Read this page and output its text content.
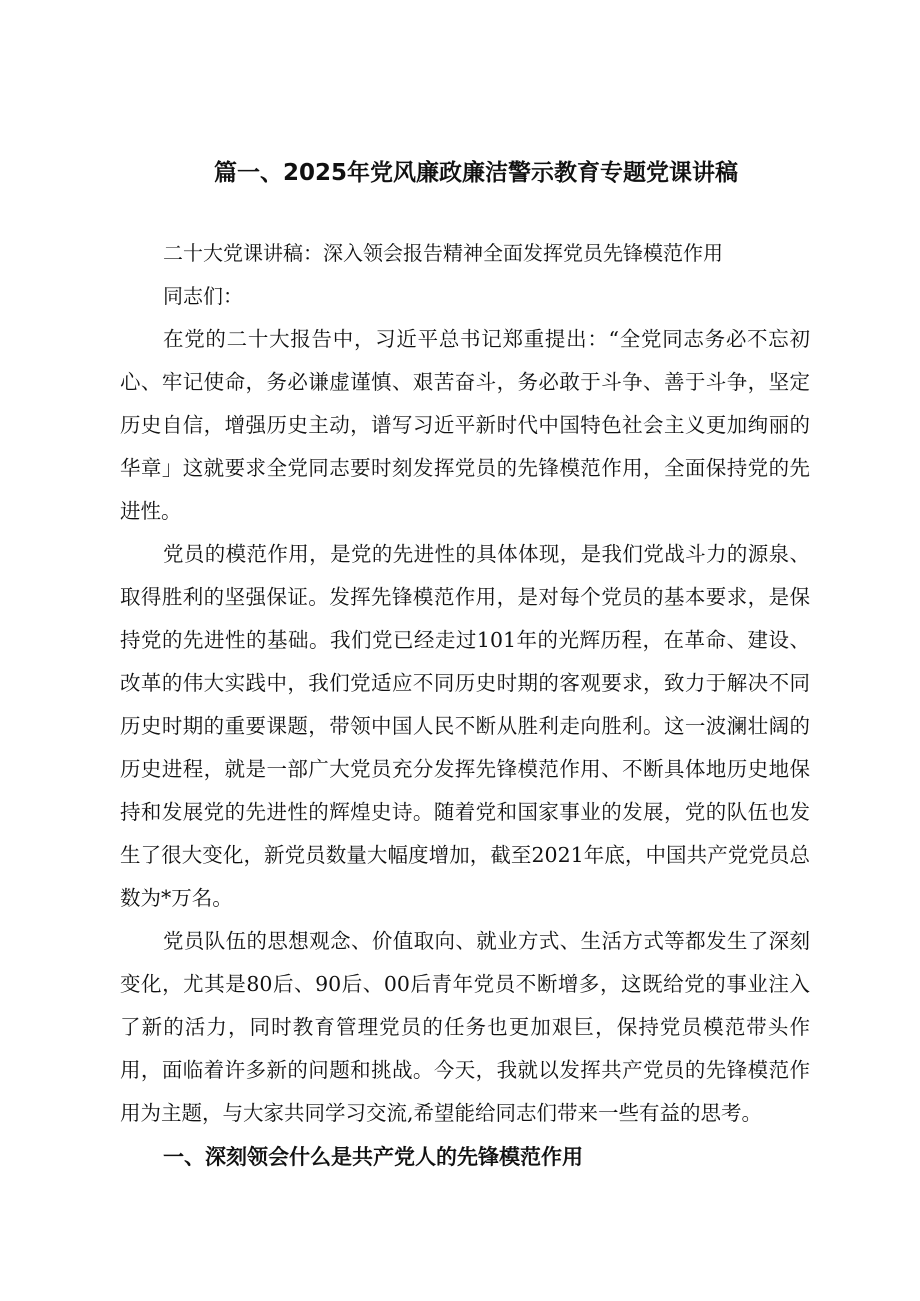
篇一、2025年党风廉政廉洁警示教育专题党课讲稿

二十大党课讲稿：深入领会报告精神全面发挥党员先锋模范作用

同志们：

在党的二十大报告中，习近平总书记郑重提出：“全党同志务必不忘初心、牢记使命，务必谦虚谨慎、艰苦奋斗，务必敢于斗争、善于斗争，坚定历史自信，增强历史主动，谱写习近平新时代中国特色社会主义更加绚丽的华章」这就要求全党同志要时刻发挥党员的先锋模范作用，全面保持党的先进性。

党员的模范作用，是党的先进性的具体体现，是我们党战斗力的源泉、取得胜利的坚强保证。发挥先锋模范作用，是对每个党员的基本要求，是保持党的先进性的基础。我们党已经走过101年的光辉历程，在革命、建设、改革的伟大实践中，我们党适应不同历史时期的客观要求，致力于解决不同历史时期的重要课题，带领中国人民不断从胜利走向胜利。这一波澜壮阔的历史进程，就是一部广大党员充分发挥先锋模范作用、不断具体地历史地保持和发展党的先进性的辉煌史诗。随着党和国家事业的发展，党的队伍也发生了很大变化，新党员数量大幅度增加，截至2021年底，中国共产党党员总数为*万名。

党员队伍的思想观念、价值取向、就业方式、生活方式等都发生了深刻变化，尤其是80后、90后、00后青年党员不断增多，这既给党的事业注入了新的活力，同时教育管理党员的任务也更加艰巨，保持党员模范带头作用，面临着许多新的问题和挑战。今天，我就以发挥共产党员的先锋模范作用为主题，与大家共同学习交流,希望能给同志们带来一些有益的思考。

一、深刻领会什么是共产党人的先锋模范作用
